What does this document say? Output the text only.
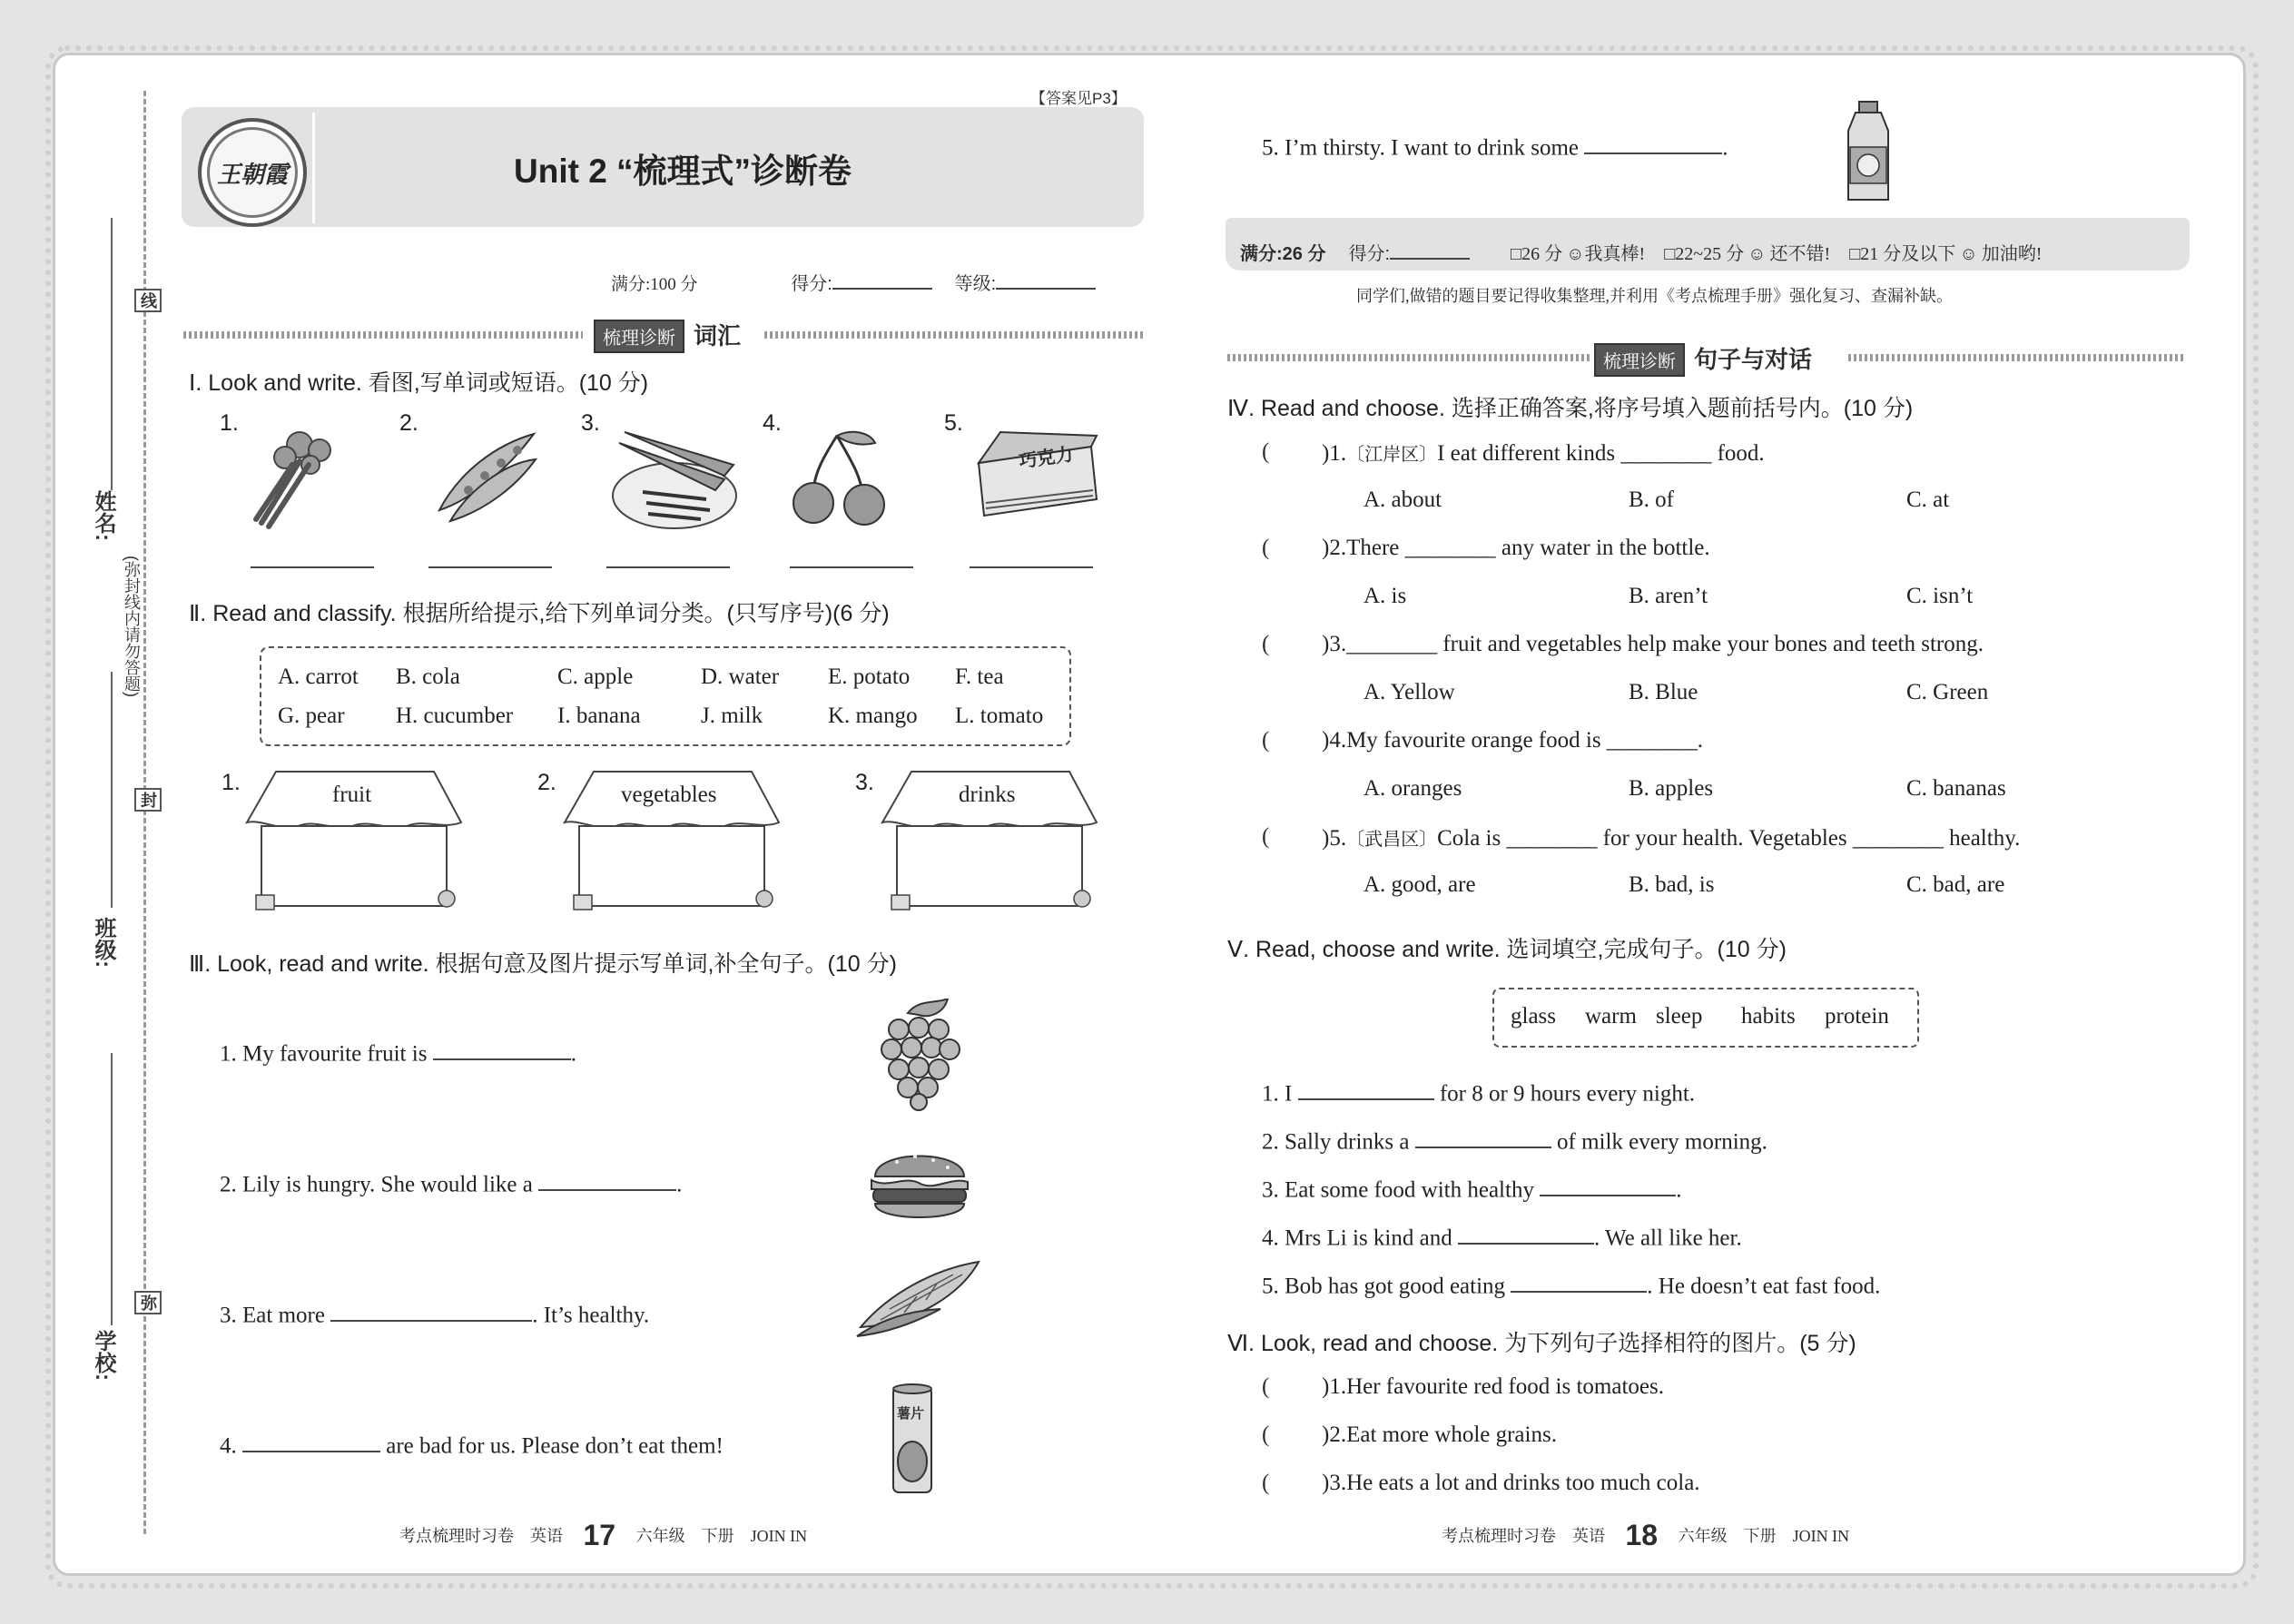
姓名:
班级:
学校:
线
(弥封线内请勿答题)
封
弥
【答案见P3】
王朝霞	Unit 2 “梳理式”诊断卷
满分:100 分	得分:	等级:
梳理诊断 词汇
Ⅰ. Look and write. 看图,写单词或短语。(10 分)
1.	2.	3.	4.	5.
巧克力
Ⅱ. Read and classify. 根据所给提示,给下列单词分类。(只写序号)(6 分)
A. carrot B. cola	C. apple	D. water E. potato F. tea
G. pear H. cucumber I. banana	J. milk	K. mango L. tomato
1.	fruit	2.	vegetables	3.	drinks
Ⅲ. Look, read and write. 根据句意及图片提示写单词,补全句子。(10 分)
1. My favourite fruit is	.
2. Lily is hungry. She would like a	.
3. Eat more	. It’s healthy.
4.	are bad for us. Please don’t eat them!
薯片
考点梳理时习卷　英语 17 六年级　下册　JOIN IN
5. I’m thirsty. I want to drink some	.
满分:26 分 得分:	□26 分 ☺我真棒! □22~25 分 ☺ 还不错! □21 分及以下 ☺ 加油哟!
同学们,做错的题目要记得收集整理,并利用《考点梳理手册》强化复习、查漏补缺。
梳理诊断 句子与对话
Ⅳ. Read and choose. 选择正确答案,将序号填入题前括号内。(10 分)
( )1.〔江岸区〕I eat different kinds ________ food.
A. about	B. of	C. at
( )2.There ________ any water in the bottle.
A. is	B. aren’t	C. isn’t
( )3.________ fruit and vegetables help make your bones and teeth strong.
A. Yellow	B. Blue	C. Green
( )4.My favourite orange food is ________.
A. oranges	B. apples	C. bananas
( )5.〔武昌区〕Cola is ________ for your health. Vegetables ________ healthy.
A. good, are	B. bad, is	C. bad, are
Ⅴ. Read, choose and write. 选词填空,完成句子。(10 分)
glass warm sleep habits protein
1. I	for 8 or 9 hours every night.
2. Sally drinks a	of milk every morning.
3. Eat some food with healthy	.
4. Mrs Li is kind and	. We all like her.
5. Bob has got good eating	. He doesn’t eat fast food.
Ⅵ. Look, read and choose. 为下列句子选择相符的图片。(5 分)
( )1.Her favourite red food is tomatoes.
( )2.Eat more whole grains.
( )3.He eats a lot and drinks too much cola.
考点梳理时习卷　英语 18 六年级　下册　JOIN IN
